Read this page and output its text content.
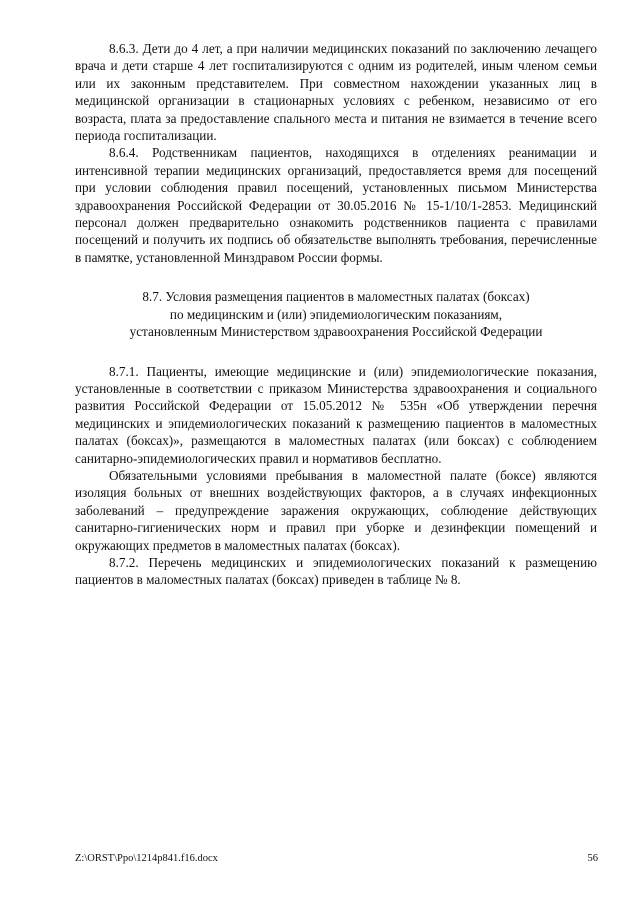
8.6.3. Дети до 4 лет, а при наличии медицинских показаний по заключению лечащего врача и дети старше 4 лет госпитализируются с одним из родителей, иным членом семьи или их законным представителем. При совместном нахождении указанных лиц в медицинской организации в стационарных условиях с ребенком, независимо от его возраста, плата за предоставление спального места и питания не взимается в течение всего периода госпитализации.

8.6.4. Родственникам пациентов, находящихся в отделениях реанимации и интенсивной терапии медицинских организаций, предоставляется время для посещений при условии соблюдения правил посещений, установленных письмом Министерства здравоохранения Российской Федерации от 30.05.2016 № 15-1/10/1-2853. Медицинский персонал должен предварительно ознакомить родственников пациента с правилами посещений и получить их подпись об обязательстве выполнять требования, перечисленные в памятке, установленной Минздравом России формы.

8.7. Условия размещения пациентов в маломестных палатах (боксах)
по медицинским и (или) эпидемиологическим показаниям,
установленным Министерством здравоохранения Российской Федерации

8.7.1. Пациенты, имеющие медицинские и (или) эпидемиологические показания, установленные в соответствии с приказом Министерства здравоохранения и социального развития Российской Федерации от 15.05.2012 № 535н «Об утверждении перечня медицинских и эпидемиологических показаний к размещению пациентов в маломестных палатах (боксах)», размещаются в маломестных палатах (или боксах) с соблюдением санитарно-эпидемиологических правил и нормативов бесплатно.

Обязательными условиями пребывания в маломестной палате (боксе) являются изоляция больных от внешних воздействующих факторов, а в случаях инфекционных заболеваний – предупреждение заражения окружающих, соблюдение действующих санитарно-гигиенических норм и правил при уборке и дезинфекции помещений и окружающих предметов в маломестных палатах (боксах).

8.7.2. Перечень медицинских и эпидемиологических показаний к размещению пациентов в маломестных палатах (боксах) приведен в таблице № 8.

Z:\ORST\Ppo\1214p841.f16.docx	56
